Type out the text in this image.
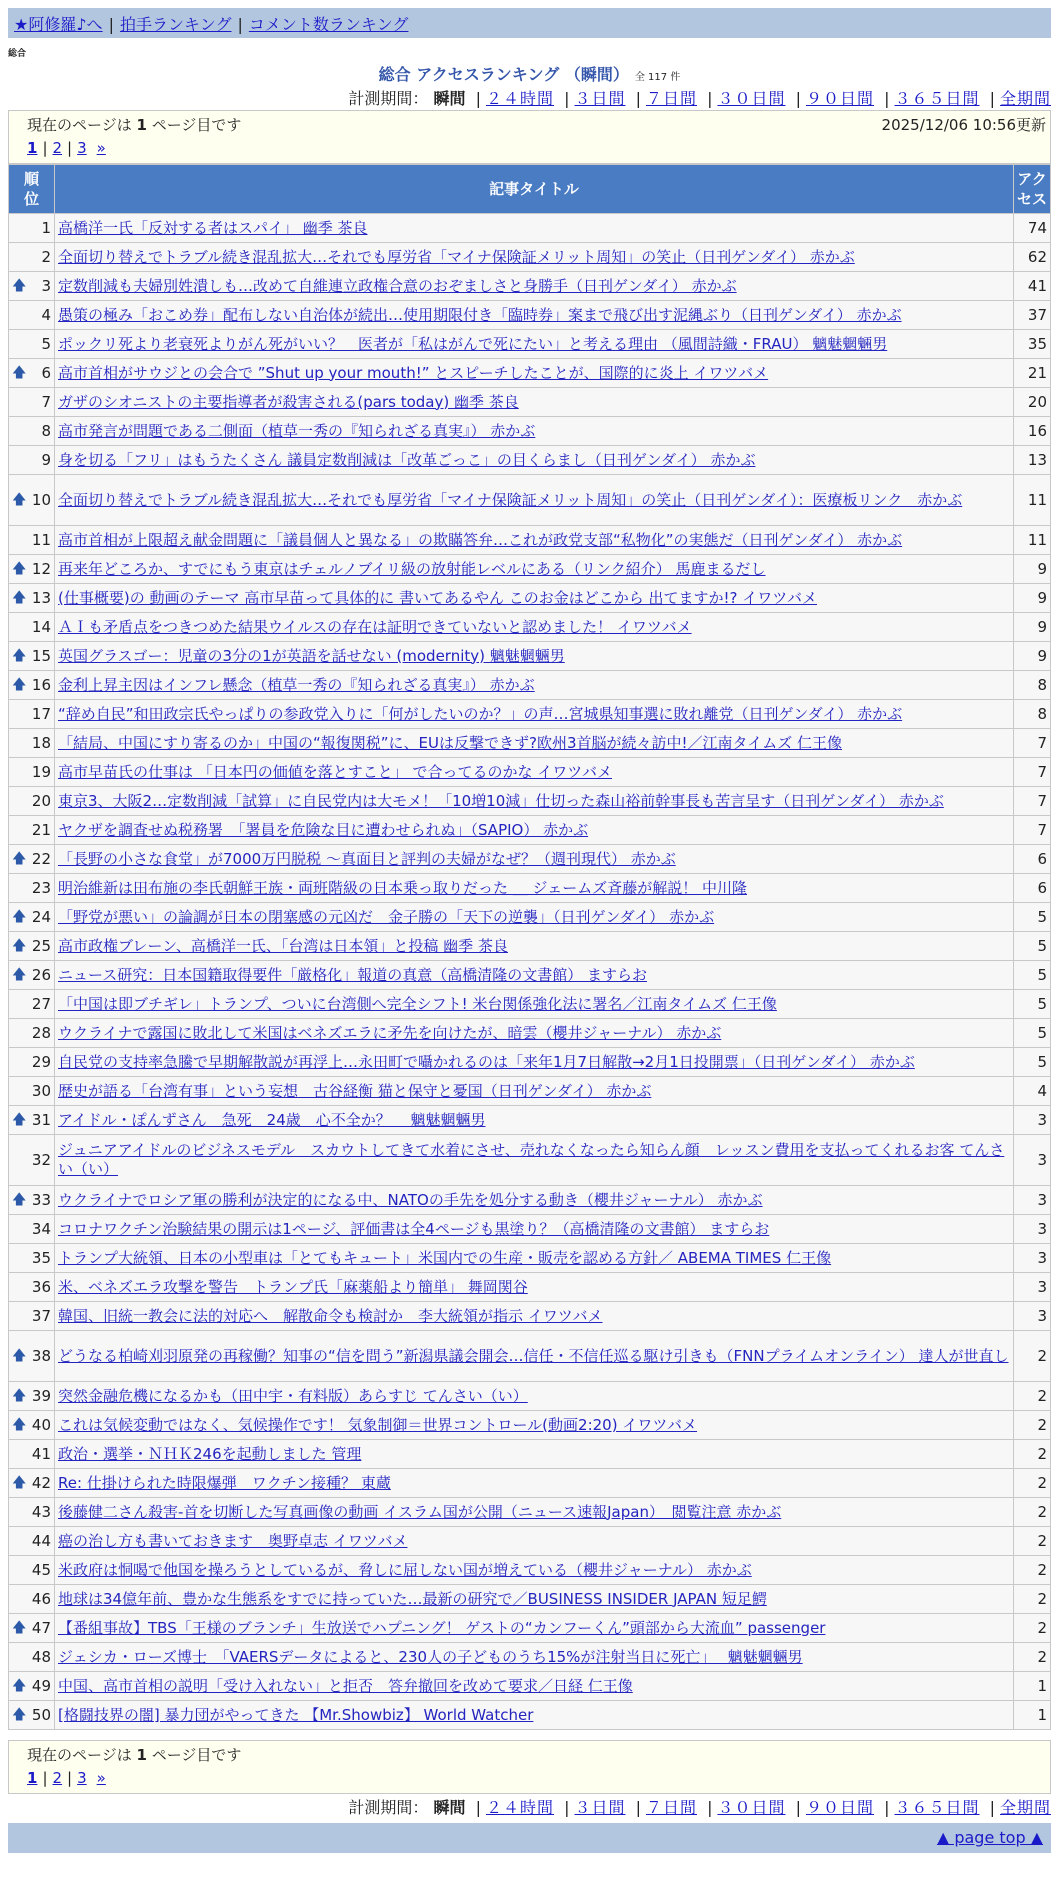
★阿修羅♪へ | 拍手ランキング | コメント数ランキング
総合
総合 アクセスランキング （瞬間） 全 117 件
計測期間： 瞬間 | ２４時間 | ３日間 | ７日間 | ３０日間 | ９０日間 | ３６５日間 | 全期間
現在のページは 1 ページ目です	2025/12/06 10:56更新
1 | 2 | 3 »
順位	記事タイトル	アクセス
1	高橋洋一氏「反対する者はスパイ」 幽季 茶良	74
2	全面切り替えでトラブル続き混乱拡大…それでも厚労省「マイナ保険証メリット周知」の笑止（日刊ゲンダイ） 赤かぶ	62

🡅 3	定数削減も夫婦別姓潰しも…改めて自維連立政権合意のおぞましさと身勝手（日刊ゲンダイ） 赤かぶ	41
4	愚策の極み「おこめ券」配布しない自治体が続出…使用期限付き「臨時券」案まで飛び出す泥縄ぶり（日刊ゲンダイ） 赤かぶ	37
5	ポックリ死より老衰死よりがん死がいい？　医者が「私はがんで死にたい」と考える理由 （風間詩織・FRAU） 魑魅魍魎男	35

🡅 6	高市首相がサウジとの会合で ”Shut up your mouth!” とスピーチしたことが、国際的に炎上 イワツバメ	21
7	ガザのシオニストの主要指導者が殺害される(pars today) 幽季 茶良	20
8	高市発言が問題である二側面（植草一秀の『知られざる真実』） 赤かぶ	16
9	身を切る「フリ」はもうたくさん 議員定数削減は「改革ごっこ」の目くらまし（日刊ゲンダイ） 赤かぶ	13

🡅 10	全面切り替えでトラブル続き混乱拡大…それでも厚労省「マイナ保険証メリット周知」の笑止（日刊ゲンダイ）：医療板リンク　赤かぶ	11
11	高市首相が上限超え献金問題に「議員個人と異なる」の欺瞞答弁…これが政党支部“私物化”の実態だ（日刊ゲンダイ） 赤かぶ	11

🡅 12	再来年どころか、すでにもう東京はチェルノブイリ級の放射能レベルにある（リンク紹介） 馬鹿まるだし	9

🡅 13	(仕事概要)の 動画のテーマ 高市早苗って具体的に 書いてあるやん このお金はどこから 出てますか!? イワツバメ	9
14	ＡＩも矛盾点をつきつめた結果ウイルスの存在は証明できていないと認めました！ イワツバメ	9

🡅 15	英国グラスゴー：児童の3分の1が英語を話せない (modernity) 魑魅魍魎男	9

🡅 16	金利上昇主因はインフレ懸念（植草一秀の『知られざる真実』） 赤かぶ	8
17	“辞め自民”和田政宗氏やっぱりの参政党入りに「何がしたいのか？」の声…宮城県知事選に敗れ離党（日刊ゲンダイ） 赤かぶ	8
18	「結局、中国にすり寄るのか」中国の“報復関税”に、EUは反撃できず?欧州3首脳が続々訪中!／江南タイムズ 仁王像	7
19	高市早苗氏の仕事は 「日本円の価値を落とすこと」 で合ってるのかな イワツバメ	7
20	東京3、大阪2…定数削減「試算」に自民党内は大モメ！「10増10減」仕切った森山裕前幹事長も苦言呈す（日刊ゲンダイ） 赤かぶ	7
21	ヤクザを調査せぬ税務署　「署員を危険な目に遭わせられぬ」（SAPIO） 赤かぶ	7

🡅 22	「長野の小さな食堂」が7000万円脱税 ～真面目と評判の夫婦がなぜ？（週刊現代） 赤かぶ	6
23	明治維新は田布施の李氏朝鮮王族・両班階級の日本乗っ取りだった ＿ ジェームズ斉藤が解説！ 中川隆	6

🡅 24	「野党が悪い」の論調が日本の閉塞感の元凶だ　金子勝の「天下の逆襲」（日刊ゲンダイ） 赤かぶ	5

🡅 25	高市政権ブレーン、高橋洋一氏、「台湾は日本領」と投稿 幽季 茶良	5

🡅 26	ニュース研究：日本国籍取得要件「厳格化」報道の真意（高橋清隆の文書館） ますらお	5
27	「中国は即ブチギレ」トランプ、ついに台湾側へ完全シフト! 米台関係強化法に署名／江南タイムズ 仁王像	5
28	ウクライナで露国に敗北して米国はベネズエラに矛先を向けたが、暗雲（櫻井ジャーナル） 赤かぶ	5
29	自民党の支持率急騰で早期解散説が再浮上…永田町で囁かれるのは「来年1月7日解散→2月1日投開票」（日刊ゲンダイ） 赤かぶ	5
30	歴史が語る「台湾有事」という妄想　古谷経衡 猫と保守と憂国（日刊ゲンダイ） 赤かぶ	4

🡅 31	アイドル・ぽんずさん　急死　24歳　心不全か？　 魑魅魍魎男	3
32	ジュニアアイドルのビジネスモデル　スカウトしてきて水着にさせ、売れなくなったら知らん顔　レッスン費用を支払ってくれるお客 てんさい（い）	3

🡅 33	ウクライナでロシア軍の勝利が決定的になる中、NATOの手先を処分する動き（櫻井ジャーナル） 赤かぶ	3
34	コロナワクチン治験結果の開示は1ページ、評価書は全4ページも黒塗り？（高橋清隆の文書館） ますらお	3
35	トランプ大統領、日本の小型車は「とてもキュート」米国内での生産・販売を認める方針／ ABEMA TIMES 仁王像	3
36	米、ベネズエラ攻撃を警告　トランプ氏「麻薬船より簡単」 舞岡関谷	3
37	韓国、旧統一教会に法的対応へ　解散命令も検討か　李大統領が指示 イワツバメ	3

🡅 38	どうなる柏崎刈羽原発の再稼働？知事の“信を問う”新潟県議会開会…信任・不信任巡る駆け引きも（FNNプライムオンライン） 達人が世直し	2

🡅 39	突然金融危機になるかも（田中宇・有料版）あらすじ てんさい（い）	2

🡅 40	これは気候変動ではなく、気候操作です！ 気象制御＝世界コントロール(動画2:20) イワツバメ	2
41	政治・選挙・ＮＨＫ246を起動しました 管理	2

🡅 42	Re: 仕掛けられた時限爆弾　ワクチン接種？ 東蔵	2
43	後藤健二さん殺害-首を切断した写真画像の動画 イスラム国が公開（ニュース速報Japan）　閲覧注意 赤かぶ	2
44	癌の治し方も書いておきます　奥野卓志 イワツバメ	2
45	米政府は恫喝で他国を操ろうとしているが、脅しに屈しない国が増えている（櫻井ジャーナル） 赤かぶ	2
46	地球は34億年前、豊かな生態系をすでに持っていた…最新の研究で／BUSINESS INSIDER JAPAN 短足鰐	2

🡅 47	【番組事故】TBS「王様のブランチ」生放送でハプニング！ ゲストの“カンフーくん”頭部から大流血” passenger	2
48	ジェシカ・ローズ博士　「VAERSデータによると、230人の子どものうち15%が注射当日に死亡」　 魑魅魍魎男	2

🡅 49	中国、高市首相の説明「受け入れない」と拒否　答弁撤回を改めて要求／日経 仁王像	1

🡅 50	[格闘技界の闇] 暴力団がやってきた 【Mr.Showbiz】 World Watcher	1
現在のページは 1 ページ目です
1 | 2 | 3 »
計測期間： 瞬間 | ２４時間 | ３日間 | ７日間 | ３０日間 | ９０日間 | ３６５日間 | 全期間
▲ page top ▲
